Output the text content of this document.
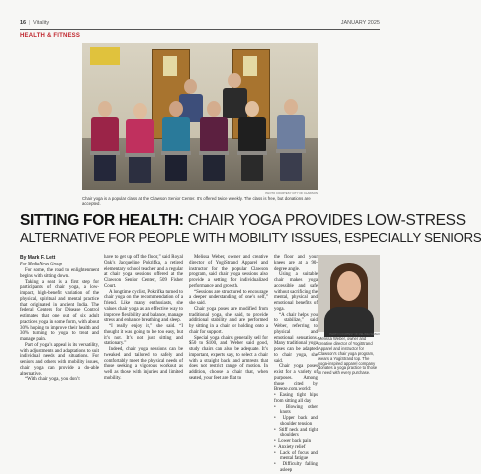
16 | Vitality	JANUARY 2025
HEALTH & FITNESS
PHOTO COURTESY CITY OF CLAWSON
Chair yoga is a popular class at the Clawson Senior Center. It’s offered twice weekly. The class is free, but donations are accepted.
SITTING FOR HEALTH: CHAIR YOGA PROVIDES LOW-STRESS
ALTERNATIVE FOR PEOPLE WITH MOBILITY ISSUES, ESPECIALLY SENIORS
By Mark F. Lett
For MediaNews Group

For some, the road to enlightenment begins with sitting down.

Taking a seat is a first step for participants of chair yoga, a low-impact, high-benefit variation of the physical, spiritual and mental practice that originated in ancient India. The federal Centers for Disease Control estimates that one out of six adult practices yoga in some form, with about 30% hoping to improve their health and 30% turning to yoga to treat and manage pain.

Part of yoga’s appeal is its versatility, with adjustments and adaptations to suit individual needs and situations. For seniors and others with mobility issues, chair yoga can provide a do-able alternative.

“With chair yoga, you don’t

have to get up off the floor,” said Royal Oak’s Jacqueline Pokrifka, a retired elementary school teacher and a regular at chair yoga sessions offered at the Clawson Senior Center, 509 Fisher Court.

A longtime cyclist, Pokrifka turned to chair yoga on the recommendation of a friend. Like many enthusiasts, she values chair yoga as an effective way to improve flexibility and balance, manage stress and enhance breathing and sleep.

“I really enjoy it,” she said. “I thought it was going to be too easy, but it’s not. It’s not just sitting and stationary.”

Indeed, chair yoga sessions can be tweaked and tailored to safely and comfortably meet the physical needs of those seeking a vigorous workout as well as those with injuries and limited mobility.

Melissa Weber, owner and creative director of YogiStrand Apparel and instructor for the popular Clawson program, said chair yoga sessions also provide a setting for individualized performance and growth.

“Sessions are structured to encourage a deeper understanding of one’s self,” she said.

Chair yoga poses are modified from traditional yoga, she said, to provide additional stability and are performed by sitting in a chair or holding onto a chair for support.

Special yoga chairs generally sell for $50 to $100, and Weber said good, study chairs can also be adequate. It’s important, experts say, to select a chair with a straight back and armrests that does not restrict range of motion. In addition, choose a chair that, when seated, your feet are flat to

the floor and your knees are at a 90-degree angle.

Using a suitable chair makes yoga accessible and safe without sacrificing the mental, physical and emotional benefits of yoga.

“A chair helps you to stabilize,” said Weber, referring to physical and emotional sensations. Many traditional yoga poses can be adapted to chair yoga, she said.

Chair yoga poses exist for a variety of purposes. Among those cited by Breeze.com.world:

• Easing tight hips from sitting all day

•  Blowing other knots
•  Upper back and shoulder tension
•  Stiff neck and tight shoulders
•  Lower back pain
•  Anxiety relief
•  Lack of focus and mental fatigue
•  Difficulty falling asleep
PHOTO COURTESY OF MELISSA WEBER
Melissa Weber, owner and creative director of YogiStrand Apparel and instructor for Clawson’s chair yoga program, wears a YogiStrand top. The yoga-inspired apparel company donates a yoga practice to those in need with every purchase.
